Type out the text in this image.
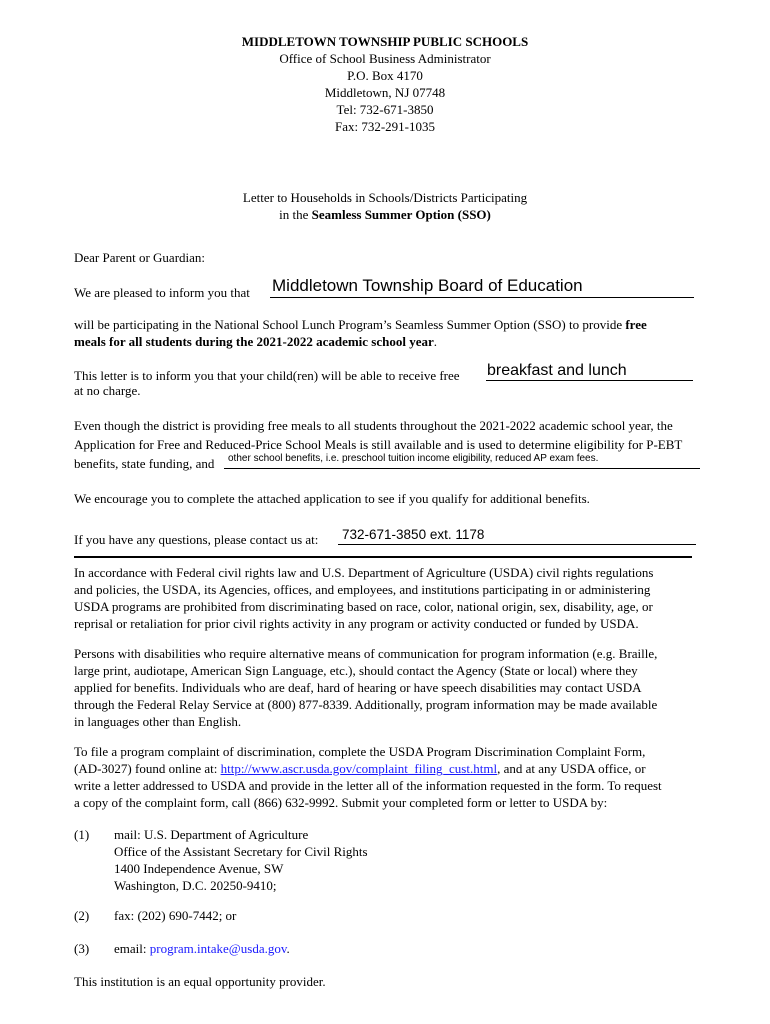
MIDDLETOWN TOWNSHIP PUBLIC SCHOOLS
Office of School Business Administrator
P.O. Box 4170
Middletown, NJ 07748
Tel: 732-671-3850
Fax: 732-291-1035
Letter to Households in Schools/Districts Participating
in the Seamless Summer Option (SSO)
Dear Parent or Guardian:
We are pleased to inform you that	Middletown Township Board of Education
will be participating in the National School Lunch Program’s Seamless Summer Option (SSO) to provide free
meals for all students during the 2021-2022 academic school year.
This letter is to inform you that your child(ren) will be able to receive free	breakfast and lunch
at no charge.
Even though the district is providing free meals to all students throughout the 2021-2022 academic school year, the
Application for Free and Reduced-Price School Meals is still available and is used to determine eligibility for P-EBT
benefits, state funding, and	other school benefits, i.e. preschool tuition income eligibility, reduced AP exam fees.
We encourage you to complete the attached application to see if you qualify for additional benefits.
If you have any questions, please contact us at:	732-671-3850 ext. 1178
In accordance with Federal civil rights law and U.S. Department of Agriculture (USDA) civil rights regulations
and policies, the USDA, its Agencies, offices, and employees, and institutions participating in or administering
USDA programs are prohibited from discriminating based on race, color, national origin, sex, disability, age, or
reprisal or retaliation for prior civil rights activity in any program or activity conducted or funded by USDA.
Persons with disabilities who require alternative means of communication for program information (e.g. Braille,
large print, audiotape, American Sign Language, etc.), should contact the Agency (State or local) where they
applied for benefits. Individuals who are deaf, hard of hearing or have speech disabilities may contact USDA
through the Federal Relay Service at (800) 877-8339. Additionally, program information may be made available
in languages other than English.
To file a program complaint of discrimination, complete the USDA Program Discrimination Complaint Form,
(AD-3027) found online at: http://www.ascr.usda.gov/complaint_filing_cust.html, and at any USDA office, or
write a letter addressed to USDA and provide in the letter all of the information requested in the form. To request
a copy of the complaint form, call (866) 632-9992. Submit your completed form or letter to USDA by:
(1) mail: U.S. Department of Agriculture
Office of the Assistant Secretary for Civil Rights
1400 Independence Avenue, SW
Washington, D.C. 20250-9410;
(2) fax: (202) 690-7442; or
(3) email: program.intake@usda.gov.
This institution is an equal opportunity provider.
